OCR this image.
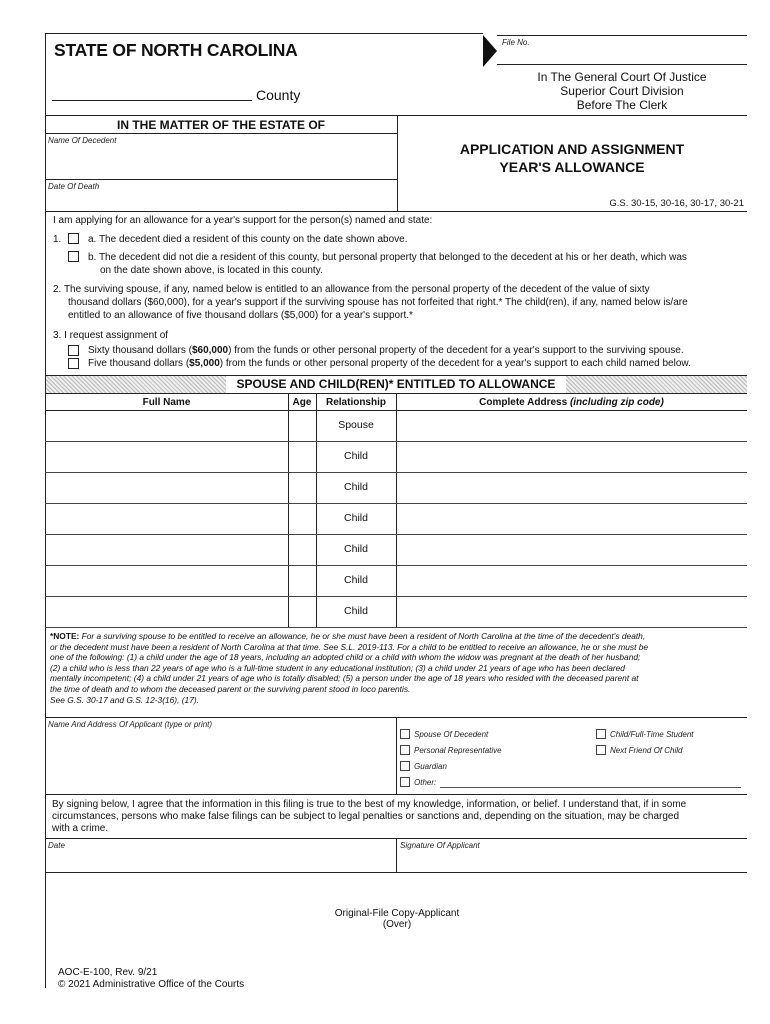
STATE OF NORTH CAROLINA	File No.
County
In The General Court Of Justice
Superior Court Division
Before The Clerk
IN THE MATTER OF THE ESTATE OF
Name Of Decedent
Date Of Death
APPLICATION AND ASSIGNMENT
YEAR'S ALLOWANCE
G.S. 30-15, 30-16, 30-17, 30-21
I am applying for an allowance for a year's support for the person(s) named and state:
1.	a. The decedent died a resident of this county on the date shown above.
b. The decedent did not die a resident of this county, but personal property that belonged to the decedent at his or her death, which was
on the date shown above, is located in this county.
2. The surviving spouse, if any, named below is entitled to an allowance from the personal property of the decedent of the value of sixty
thousand dollars ($60,000), for a year's support if the surviving spouse has not forfeited that right.* The child(ren), if any, named below is/are
entitled to an allowance of five thousand dollars ($5,000) for a year's support.*
3. I request assignment of
Sixty thousand dollars ($60,000) from the funds or other personal property of the decedent for a year's support to the surviving spouse.
Five thousand dollars ($5,000) from the funds or other personal property of the decedent for a year's support to each child named below.
SPOUSE AND CHILD(REN)* ENTITLED TO ALLOWANCE
Full Name	Age	Relationship	Complete Address (including zip code)
Spouse
Child
Child
Child
Child
Child
Child
*NOTE: For a surviving spouse to be entitled to receive an allowance, he or she must have been a resident of North Carolina at the time of the decedent's death,
or the decedent must have been a resident of North Carolina at that time. See S.L. 2019-113. For a child to be entitled to receive an allowance, he or she must be
one of the following: (1) a child under the age of 18 years, including an adopted child or a child with whom the widow was pregnant at the death of her husband;
(2) a child who is less than 22 years of age who is a full-time student in any educational institution; (3) a child under 21 years of age who has been declared
mentally incompetent; (4) a child under 21 years of age who is totally disabled; (5) a person under the age of 18 years who resided with the deceased parent at
the time of death and to whom the deceased parent or the surviving parent stood in loco parentis.
See G.S. 30-17 and G.S. 12-3(16), (17).
Name And Address Of Applicant (type or print)
Spouse Of Decedent	Child/Full-Time Student
Personal Representative	Next Friend Of Child
Guardian
Other:
By signing below, I agree that the information in this filing is true to the best of my knowledge, information, or belief. I understand that, if in some
circumstances, persons who make false filings can be subject to legal penalties or sanctions and, depending on the situation, may be charged
with a crime.
Date	Signature Of Applicant
Original-File Copy-Applicant
(Over)
AOC-E-100, Rev. 9/21
© 2021 Administrative Office of the Courts
